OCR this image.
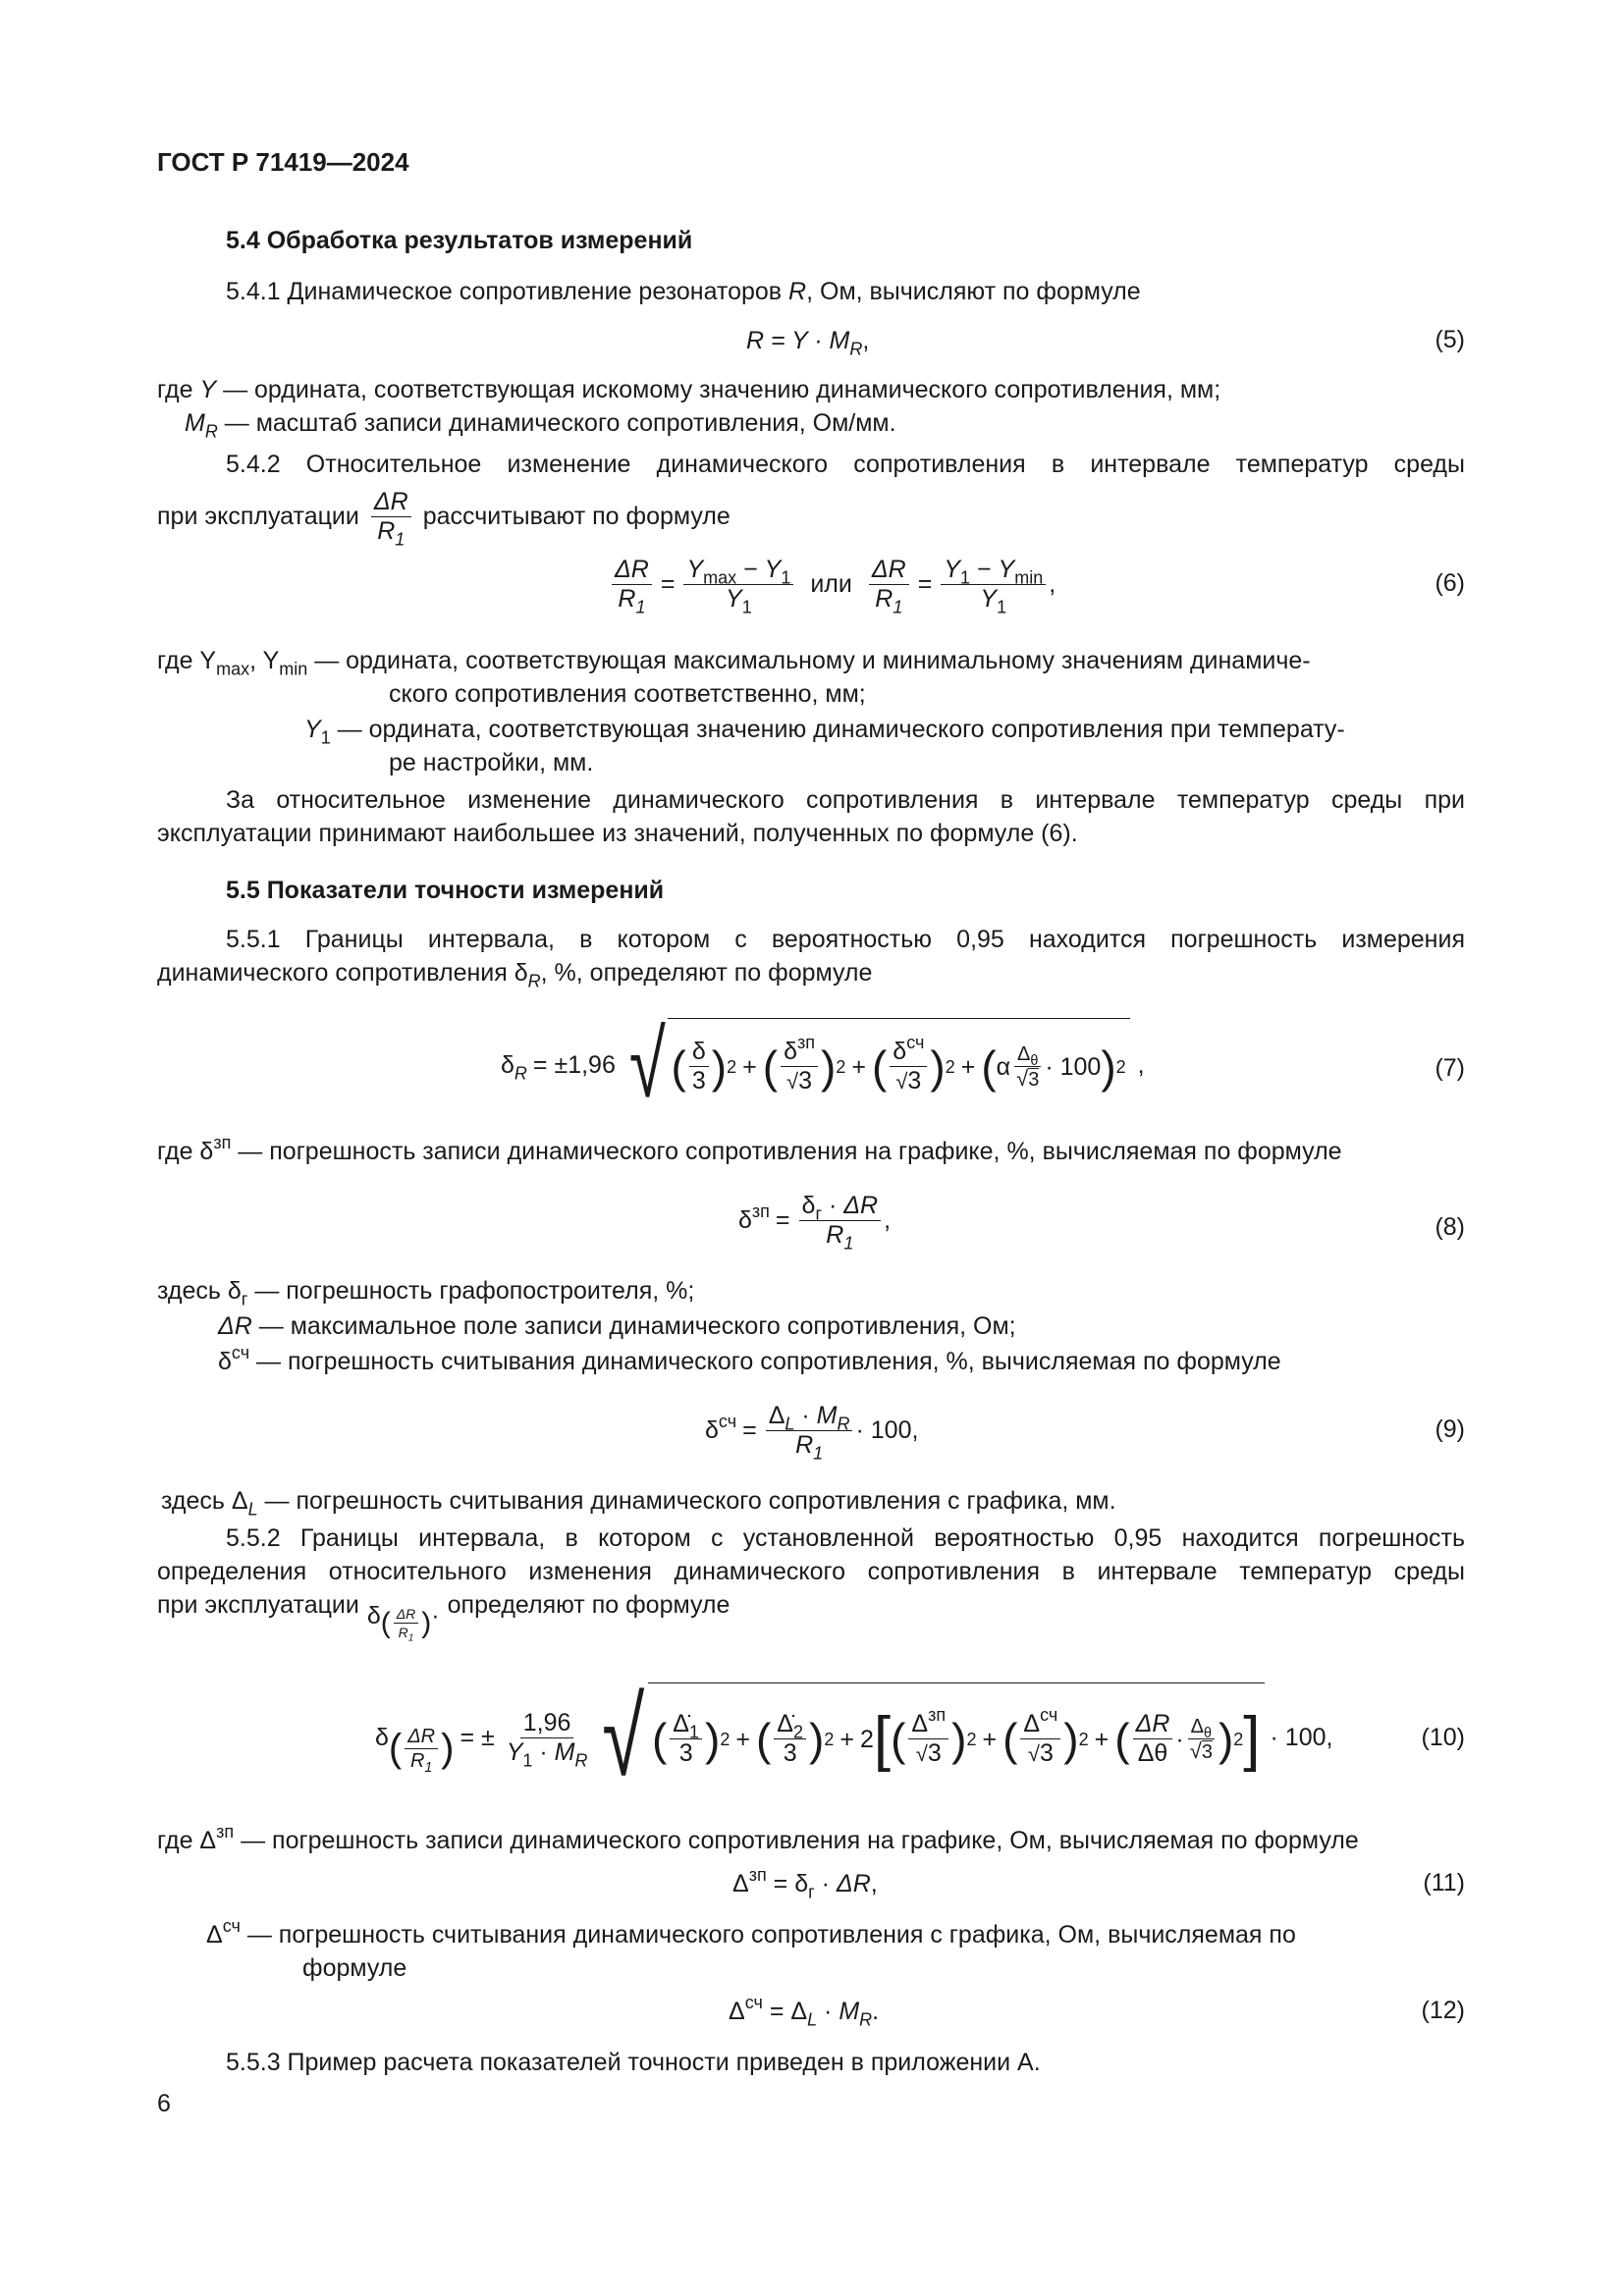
ГОСТ Р 71419—2024
5.4 Обработка результатов измерений
5.4.1 Динамическое сопротивление резонаторов R, Ом, вычисляют по формуле
$R = Y \cdot M_R$,	(5)
где Y — ордината, соответствующая искомому значению динамического сопротивления, мм;
$M_R$ — масштаб записи динамического сопротивления, Ом/мм.
5.4.2 Относительное изменение динамического сопротивления в интервале температур среды
при эксплуатации $\frac{\Delta R}{R_1}$ рассчитывают по формуле
$\frac{\Delta R}{R_1} = \frac{Y_{max} - Y_1}{Y_1}$ или $\frac{\Delta R}{R_1} = \frac{Y_1 - Y_{min}}{Y_1}$ ,	(6)
где $Y_{max}$, $Y_{min}$ — ордината, соответствующая максимальному и минимальному значениям динамиче-
ского сопротивления соответственно, мм;
$Y_1$ — ордината, соответствующая значению динамического сопротивления при температу-
ре настройки, мм.
За относительное изменение динамического сопротивления в интервале температур среды при
эксплуатации принимают наибольшее из значений, полученных по формуле (6).
5.5 Показатели точности измерений
5.5.1 Границы интервала, в котором с вероятностью 0,95 находится погрешность измерения
динамического сопротивления $\delta_R$, %, определяют по формуле
$\delta_R = \pm 1,96$ √ ( $\frac{\delta}{3}$ ) 2 + ( $\frac{\delta^{зп}}{√3}$ ) 2 + ( $\frac{\delta^{сч}}{√3}$ ) 2 + ( α $\frac{\Delta_\theta}{√3} \cdot 100$ ) 2 ,	(7)
где $\delta^{зп}$ — погрешность записи динамического сопротивления на графике, %, вычисляемая по формуле
$\delta^{зп} = \frac{\delta_г \cdot \Delta R}{R_1}$ ,	(8)
здесь $\delta_г$ — погрешность графопостроителя, %;
ΔR — максимальное поле записи динамического сопротивления, Ом;
$\delta^{сч}$ — погрешность считывания динамического сопротивления, %, вычисляемая по формуле
$\delta^{сч} = \frac{\Delta_L \cdot M_R}{R_1} \cdot 100$,	(9)
здесь $\Delta_L$ — погрешность считывания динамического сопротивления с графика, мм.
5.5.2 Границы интервала, в котором с установленной вероятностью 0,95 находится погрешность
определения относительного изменения динамического сопротивления в интервале температур среды
при эксплуатации δ ( $\frac{\Delta R}{R_1}$ ) · определяют по формуле
δ ( $\frac{\Delta R}{R_1}$ ) = ± $\frac{1,96}{Y_1 \cdot M_R}$ √ ( $\frac{\Deltȧ_1}{3}$ ) 2 + ( $\frac{\Deltȧ_2}{3}$ ) 2 + 2 [ ( $\frac{\Delta^{зп}}{√3}$ ) 2 + ( $\frac{\Delta^{сч}}{√3}$ ) 2 + ( $\frac{\Delta R}{\Delta\theta} \cdot \frac{\Delta_\theta}{√3}$ ) 2 ] · 100,	(10)
где $\Delta^{зп}$ — погрешность записи динамического сопротивления на графике, Ом, вычисляемая по формуле
$\Delta^{зп} = \delta_г \cdot \Delta R$,	(11)
$\Delta^{сч}$ — погрешность считывания динамического сопротивления с графика, Ом, вычисляемая по
формуле
$\Delta^{сч} = \Delta_L \cdot M_R$.	(12)
5.5.3 Пример расчета показателей точности приведен в приложении А.
6
